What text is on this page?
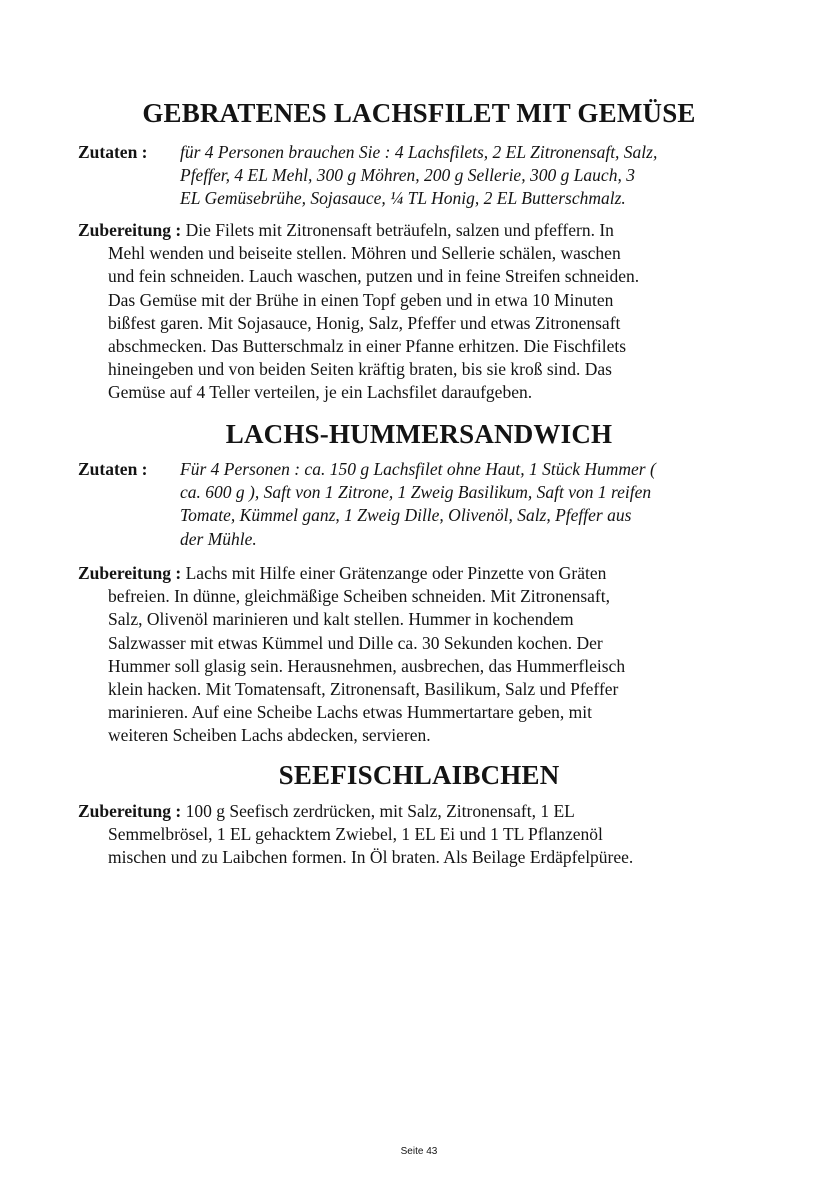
GEBRATENES LACHSFILET MIT GEMÜSE
Zutaten : für 4 Personen brauchen Sie : 4 Lachsfilets, 2 EL Zitronensaft, Salz,
Pfeffer, 4 EL Mehl, 300 g Möhren, 200 g Sellerie, 300 g Lauch, 3
EL Gemüsebrühe, Sojasauce, ¼ TL Honig, 2 EL Butterschmalz.
Zubereitung : Die Filets mit Zitronensaft beträufeln, salzen und pfeffern. In
Mehl wenden und beiseite stellen. Möhren und Sellerie schälen, waschen
und fein schneiden. Lauch waschen, putzen und in feine Streifen schneiden.
Das Gemüse mit der Brühe in einen Topf geben und in etwa 10 Minuten
bißfest garen. Mit Sojasauce, Honig, Salz, Pfeffer und etwas Zitronensaft
abschmecken. Das Butterschmalz in einer Pfanne erhitzen. Die Fischfilets
hineingeben und von beiden Seiten kräftig braten, bis sie kroß sind. Das
Gemüse auf 4 Teller verteilen, je ein Lachsfilet daraufgeben.
LACHS-HUMMERSANDWICH
Zutaten : Für 4 Personen : ca. 150 g Lachsfilet ohne Haut, 1 Stück Hummer (
ca. 600 g ), Saft von 1 Zitrone, 1 Zweig Basilikum, Saft von 1 reifen
Tomate, Kümmel ganz, 1 Zweig Dille, Olivenöl, Salz, Pfeffer aus
der Mühle.
Zubereitung : Lachs mit Hilfe einer Grätenzange oder Pinzette von Gräten
befreien. In dünne, gleichmäßige Scheiben schneiden. Mit Zitronensaft,
Salz, Olivenöl marinieren und kalt stellen. Hummer in kochendem
Salzwasser mit etwas Kümmel und Dille ca. 30 Sekunden kochen. Der
Hummer soll glasig sein. Herausnehmen, ausbrechen, das Hummerfleisch
klein hacken. Mit Tomatensaft, Zitronensaft, Basilikum, Salz und Pfeffer
marinieren. Auf eine Scheibe Lachs etwas Hummertartare geben, mit
weiteren Scheiben Lachs abdecken, servieren.
SEEFISCHLAIBCHEN
Zubereitung : 100 g Seefisch zerdrücken, mit Salz, Zitronensaft, 1 EL
Semmelbrösel, 1 EL gehacktem Zwiebel, 1 EL Ei und 1 TL Pflanzenöl
mischen und zu Laibchen formen. In Öl braten. Als Beilage Erdäpfelpüree.
Seite 43
